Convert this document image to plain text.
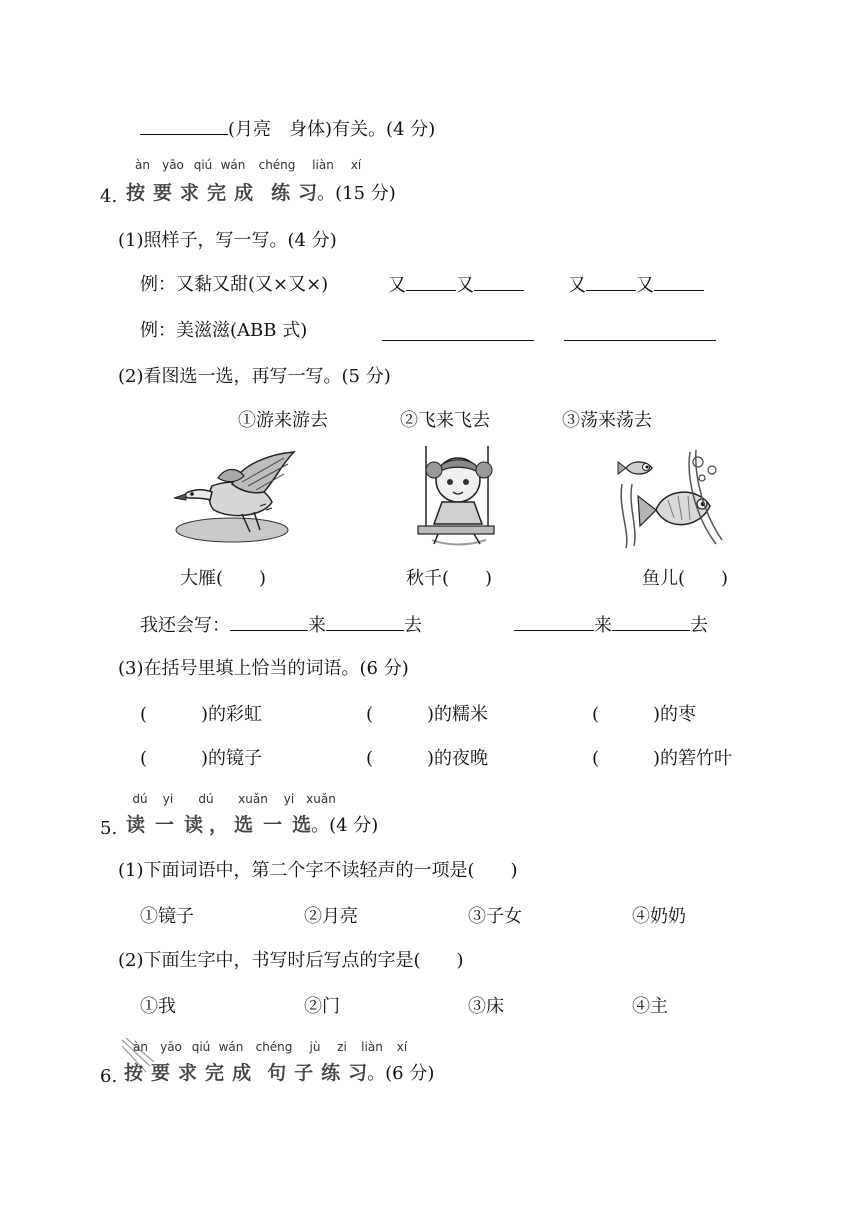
(月亮　身体)有关。(4 分)
àn	yāo qiú wán	chéng	liàn	xí
4. 按要求完成练习。(15 分)
(1)照样子，写一写。(4 分)
例：又黏又甜(又×又×)	又	又	又	又
例：美滋滋(ABB 式)
(2)看图选一选，再写一写。(5 分)
①游来游去	②飞来飞去	③荡来荡去
大雁(　　)	秋千(　　)	鱼儿(　　)
我还会写：	来	去	来	去
(3)在括号里填上恰当的词语。(6 分)
(　　　)的彩虹	(　　　)的糯米	(　　　)的枣
(　　　)的镜子	(　　　)的夜晚	(　　　)的箬竹叶
dú	yi	dú	xuǎn	yi xuǎn
5. 读一读，选一选。(4 分)
(1)下面词语中，第二个字不读轻声的一项是(　　)
①镜子	②月亮	③子女	④奶奶
(2)下面生字中，书写时后写点的字是(　　)
①我	②门	③床	④主
àn	yāo qiú wán	chéng	jù	zi	liàn	xí
6. 按要求完成句子练习。(6 分)
